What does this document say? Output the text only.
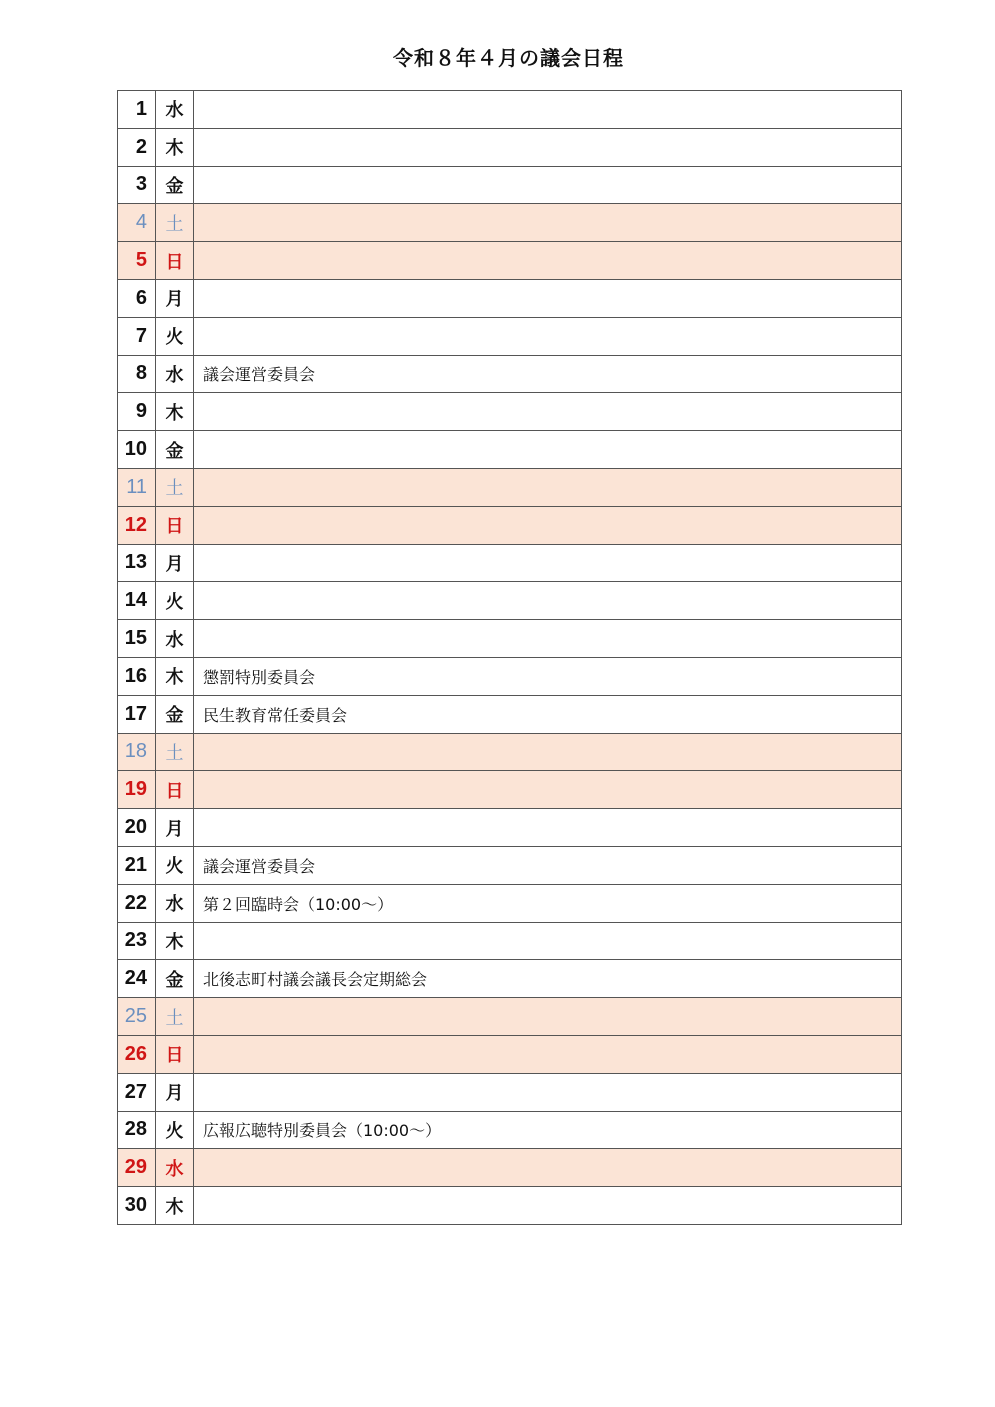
令和８年４月の議会日程
1	水	
2	木	
3	金	
4	土	
5	日	
6	月	
7	火	
8	水	議会運営委員会
9	木	
10	金	
11	土	
12	日	
13	月	
14	火	
15	水	
16	木	懲罰特別委員会
17	金	民生教育常任委員会
18	土	
19	日	
20	月	
21	火	議会運営委員会
22	水	第２回臨時会（10:00～）
23	木	
24	金	北後志町村議会議長会定期総会
25	土	
26	日	
27	月	
28	火	広報広聴特別委員会（10:00～）
29	水	
30	木	
